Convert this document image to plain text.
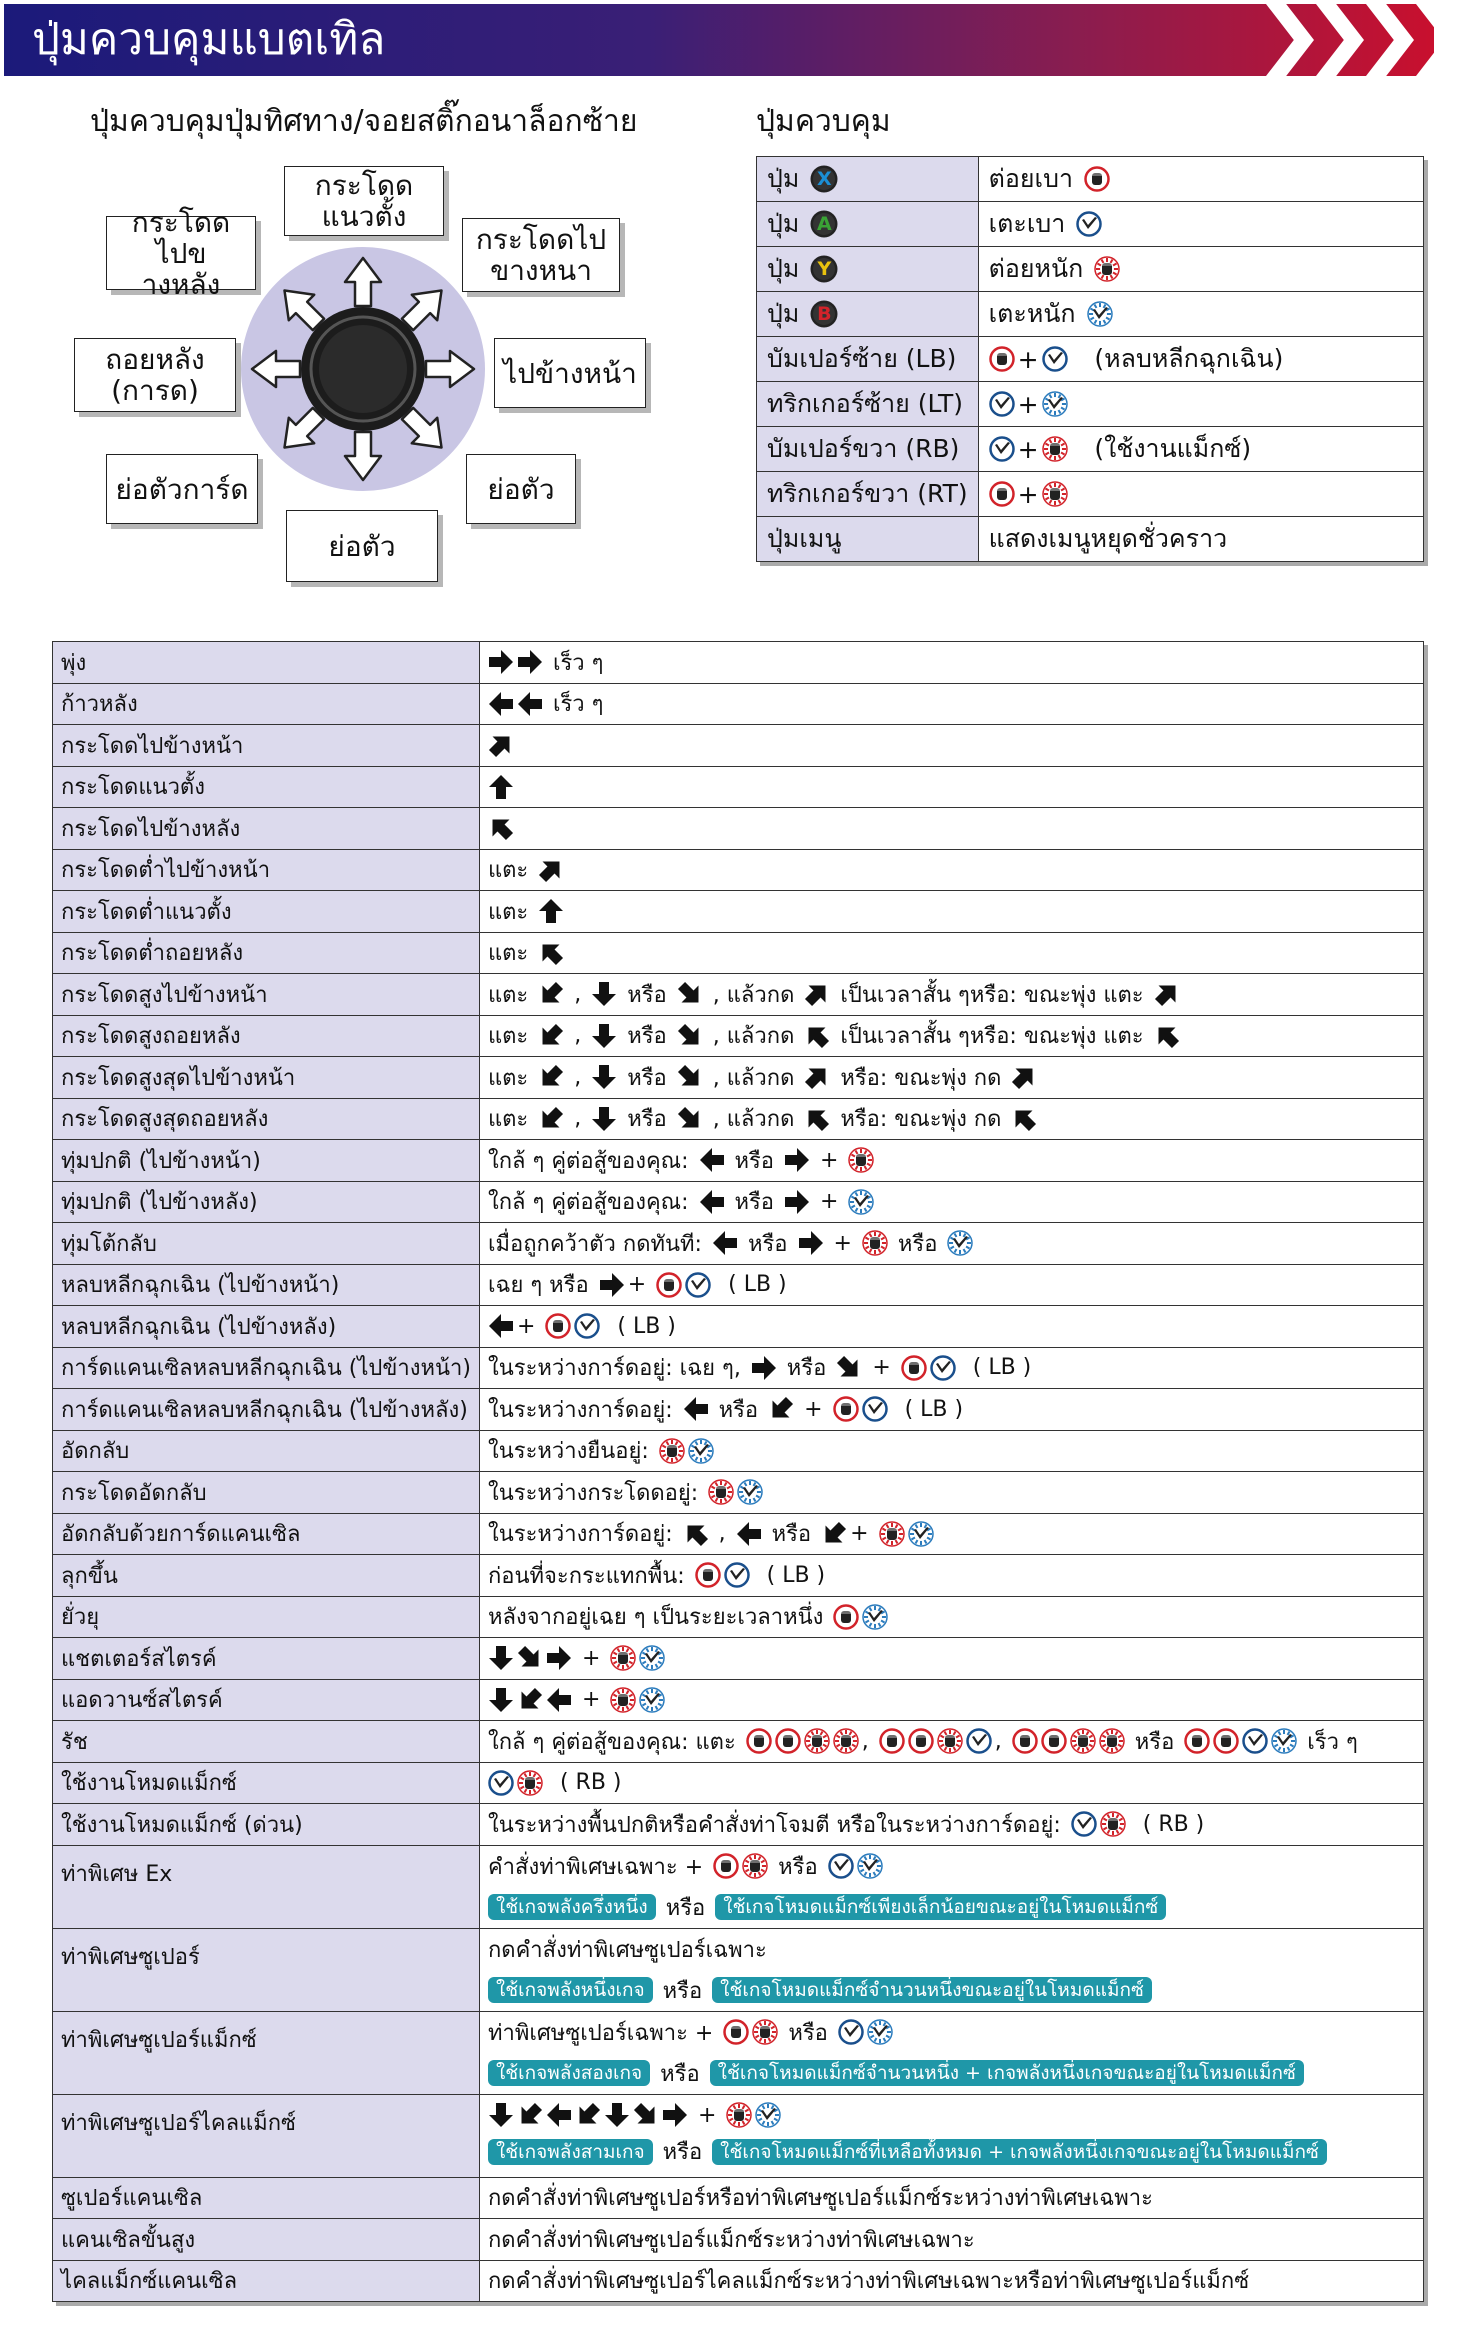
ปุ่มควบคุมแบตเทิล
ปุ่มควบคุมปุ่มทิศทาง/จอยสติ๊กอนาล็อกซ้าย	ปุ่มควบคุม
กระโดด
แนวตั้ง
กระโดดไปข
างหลัง
กระโดดไป
ขางหนา
ถอยหลัง
(การด)
ไปข้างหน้า
ย่อตัวการ์ด	ย่อตัว
ย่อตัว
ปุ่ม X	ต่อยเบา

ปุ่ม A	เตะเบา

ปุ่ม Y	ต่อยหนัก

ปุ่ม B	เตะหนัก

บัมเปอร์ซ้าย (LB)	+ (หลบหลีกฉุกเฉิน)

ทริกเกอร์ซ้าย (LT)	+

บัมเปอร์ขวา (RB)	+ (ใช้งานแม็กซ์)

ทริกเกอร์ขวา (RT)	+

ปุ่มเมนู	แสดงเมนูหยุดชั่วคราว
พุ่ง	เร็ว ๆ

ก้าวหลัง	เร็ว ๆ

กระโดดไปข้างหน้า	

กระโดดแนวตั้ง	

กระโดดไปข้างหลัง	

กระโดดต่ำไปข้างหน้า	แตะ

กระโดดต่ำแนวตั้ง	แตะ

กระโดดต่ำถอยหลัง	แตะ

กระโดดสูงไปข้างหน้า	แตะ , หรือ , แล้วกด เป็นเวลาสั้น ๆหรือ: ขณะพุ่ง แตะ

กระโดดสูงถอยหลัง	แตะ , หรือ , แล้วกด เป็นเวลาสั้น ๆหรือ: ขณะพุ่ง แตะ

กระโดดสูงสุดไปข้างหน้า	แตะ , หรือ , แล้วกด หรือ: ขณะพุ่ง กด

กระโดดสูงสุดถอยหลัง	แตะ , หรือ , แล้วกด หรือ: ขณะพุ่ง กด

ทุ่มปกติ (ไปข้างหน้า)	ใกล้ ๆ คู่ต่อสู้ของคุณ: หรือ +

ทุ่มปกติ (ไปข้างหลัง)	ใกล้ ๆ คู่ต่อสู้ของคุณ: หรือ +

ทุ่มโต้กลับ	เมื่อถูกคว้าตัว กดทันที: หรือ + หรือ

หลบหลีกฉุกเฉิน (ไปข้างหน้า)	เฉย ๆ หรือ + ( LB )

หลบหลีกฉุกเฉิน (ไปข้างหลัง)	+ ( LB )

การ์ดแคนเซิลหลบหลีกฉุกเฉิน (ไปข้างหน้า)	ในระหว่างการ์ดอยู่: เฉย ๆ, หรือ + ( LB )

การ์ดแคนเซิลหลบหลีกฉุกเฉิน (ไปข้างหลัง)	ในระหว่างการ์ดอยู่: หรือ + ( LB )

อัดกลับ	ในระหว่างยืนอยู่:

กระโดดอัดกลับ	ในระหว่างกระโดดอยู่:

อัดกลับด้วยการ์ดแคนเซิล	ในระหว่างการ์ดอยู่: , หรือ +

ลุกขึ้น	ก่อนที่จะกระแทกพื้น: ( LB )

ยั่วยุ	หลังจากอยู่เฉย ๆ เป็นระยะเวลาหนึ่ง

แชตเตอร์สไตรค์	+

แอดวานซ์สไตรค์	+

รัช	ใกล้ ๆ คู่ต่อสู้ของคุณ: แตะ , , หรือ เร็ว ๆ

ใช้งานโหมดแม็กซ์	( RB )

ใช้งานโหมดแม็กซ์ (ด่วน)	ในระหว่างพื้นปกติหรือคำสั่งท่าโจมตี หรือในระหว่างการ์ดอยู่: ( RB )

ท่าพิเศษ Ex	คำสั่งท่าพิเศษเฉพาะ + หรือ
ใช้เกจพลังครึ่งหนึ่ง หรือ ใช้เกจโหมดแม็กซ์เพียงเล็กน้อยขณะอยู่ในโหมดแม็กซ์

ท่าพิเศษซูเปอร์	กดคำสั่งท่าพิเศษซูเปอร์เฉพาะ
ใช้เกจพลังหนึ่งเกจ หรือ ใช้เกจโหมดแม็กซ์จำนวนหนึ่งขณะอยู่ในโหมดแม็กซ์

ท่าพิเศษซูเปอร์แม็กซ์	ท่าพิเศษซูเปอร์เฉพาะ + หรือ
ใช้เกจพลังสองเกจ หรือ ใช้เกจโหมดแม็กซ์จำนวนหนึ่ง + เกจพลังหนึ่งเกจขณะอยู่ในโหมดแม็กซ์

ท่าพิเศษซูเปอร์ไคลแม็กซ์	+
ใช้เกจพลังสามเกจ หรือ ใช้เกจโหมดแม็กซ์ที่เหลือทั้งหมด + เกจพลังหนึ่งเกจขณะอยู่ในโหมดแม็กซ์

ซูเปอร์แคนเซิล	กดคำสั่งท่าพิเศษซูเปอร์หรือท่าพิเศษซูเปอร์แม็กซ์ระหว่างท่าพิเศษเฉพาะ

แคนเซิลขั้นสูง	กดคำสั่งท่าพิเศษซูเปอร์แม็กซ์ระหว่างท่าพิเศษเฉพาะ

ไคลแม็กซ์แคนเซิล	กดคำสั่งท่าพิเศษซูเปอร์ไคลแม็กซ์ระหว่างท่าพิเศษเฉพาะหรือท่าพิเศษซูเปอร์แม็กซ์
